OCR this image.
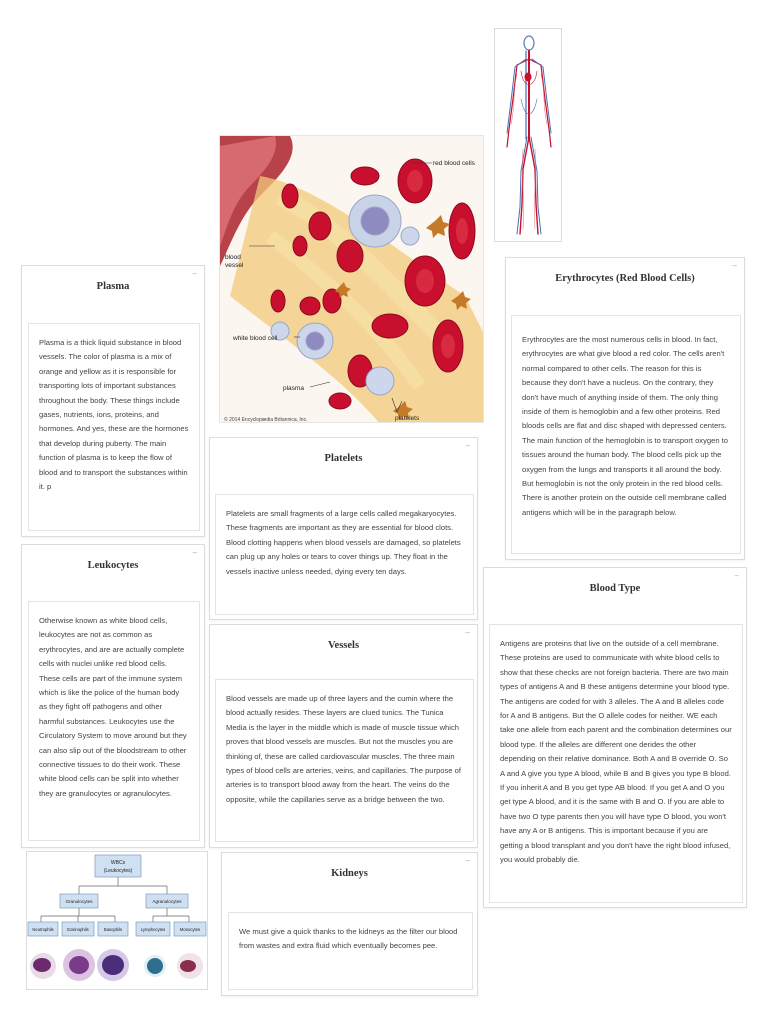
red blood cells
blood
vessel
white blood cell
plasma
platelets
© 2014 Encyclopædia Britannica, Inc.
–
Plasma
Plasma is a thick liquid substance in blood vessels. The color of plasma is a mix of orange and yellow as it is responsible for transporting lots of important substances throughout the body. These things include gases, nutrients, ions, proteins, and hormones. And yes, these are the hormones that develop during puberty. The main function of plasma is to keep the flow of blood and to transport the substances within it. p
–
Leukocytes
Otherwise known as white blood cells, leukocytes are not as common as erythrocytes, and are are actually complete cells with nuclei unlike red blood cells. These cells are part of the immune system which is like the police of the human body as they fight off pathogens and other harmful substances. Leukocytes use the Circulatory System to move around but they can also slip out of the bloodstream to other connective tissues to do their work. These white blood cells can be split into whether they are granulocytes or agranulocytes.
WBCs
(Leukocytes)
Granulocytes	Agranulocytes
Neutrophils	Eosinophils	Basophils	Lymphocytes	Monocytes
–
Platelets
Platelets are small fragments of a large cells called megakaryocytes. These fragments are important as they are essential for blood clots. Blood clotting happens when blood vessels are damaged, so platelets can plug up any holes or tears to cover things up. They float in the vessels inactive unless needed, dying every ten days.
–
Vessels
Blood vessels are made up of three layers and the cumin where the blood actually resides. These layers are clued tunics. The Tunica Media is the layer in the middle which is made of muscle tissue which proves that blood vessels are muscles. But not the muscles you are thinking of, these are called cardiovascular muscles. The three main types of blood cells are arteries, veins, and capillaries. The purpose of arteries is to transport blood away from the heart. The veins do the opposite, while the capillaries serve as a bridge between the two.
–
Kidneys
We must give a quick thanks to the kidneys as the filter our blood from wastes and extra fluid which eventually becomes pee.
–
Erythrocytes (Red Blood Cells)
Erythrocytes are the most numerous cells in blood. In fact, erythrocytes are what give blood a red color. The cells aren't normal compared to other cells. The reason for this is because they don't have a nucleus. On the contrary, they don't have much of anything inside of them. The only thing inside of them is hemoglobin and a few other proteins. Red bloods cells are flat and disc shaped with depressed centers. The main function of the hemoglobin is to transport oxygen to tissues around the human body. The blood cells pick up the oxygen from the lungs and transports it all around the body. But hemoglobin is not the only protein in the red blood cells. There is another protein on the outside cell membrane called antigens which will be in the paragraph below.
–
Blood Type
Antigens are proteins that live on the outside of a cell membrane. These proteins are used to communicate with white blood cells to show that these checks are not foreign bacteria. There are two main types of antigens A and B these antigens determine your blood type. The antigens are coded for with 3 alleles. The A and B alleles code for A and B antigens. But the O allele codes for neither. WE each take one allele from each parent and the combination determines our blood type. If the alleles are different one derides the other depending on their relative dominance. Both A and B override O. So A and A give you type A blood, while B and B gives you type B blood. If you inherit A and B you get type AB blood. If you get A and O you get type A blood, and it is the same with B and O. If you are able to have two O type parents then you will have type O blood, you won't have any A or B antigens. This is important because if you are getting a blood transplant and you don't have the right blood infused, you would probably die.
